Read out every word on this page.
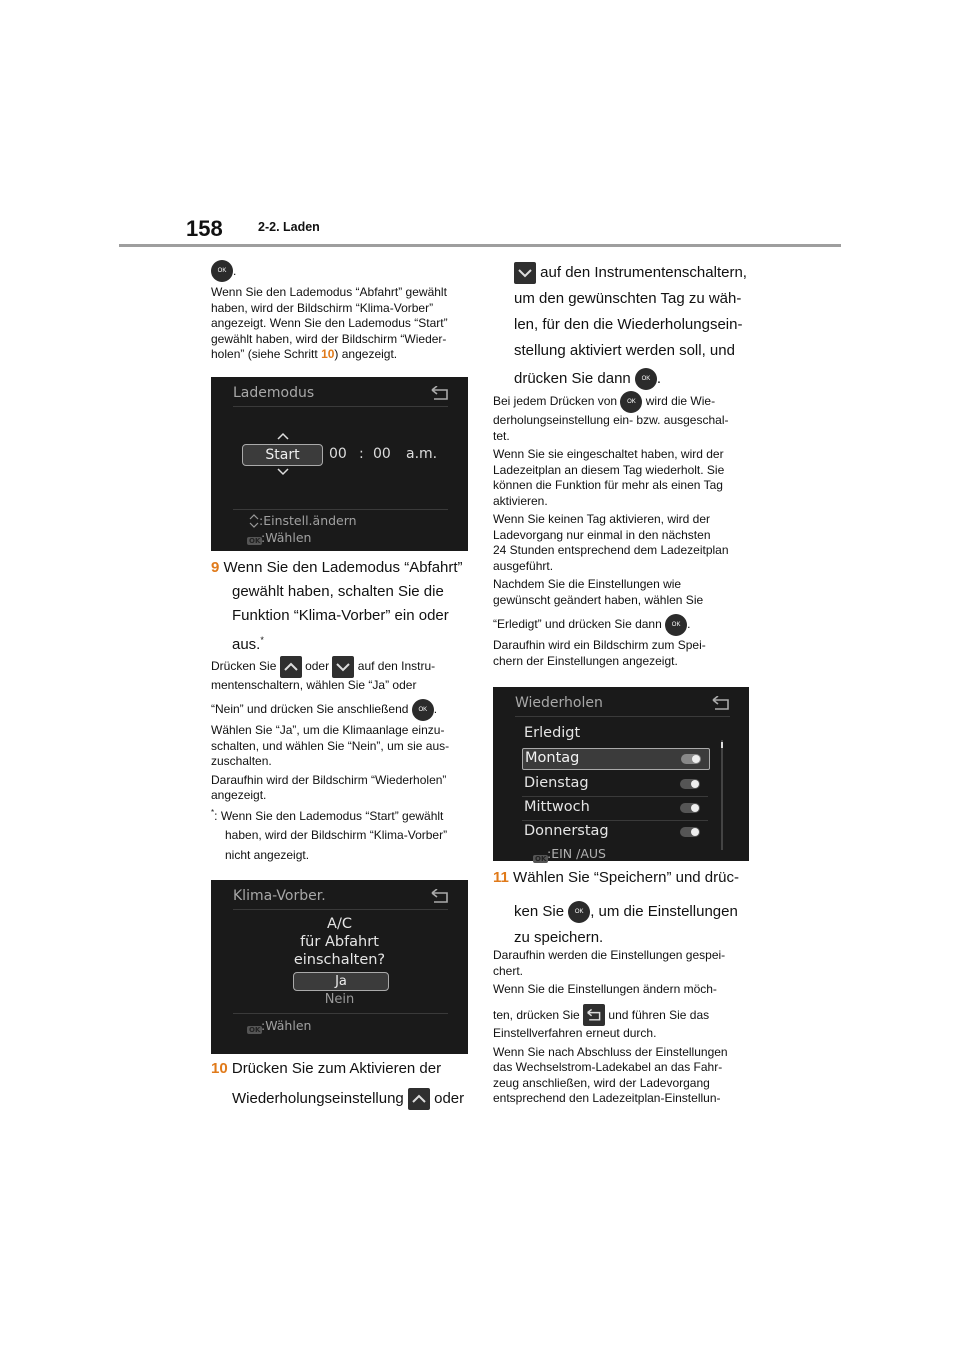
158	2-2. Laden
OK .
Wenn Sie den Lademodus “Abfahrt” gewählt
haben, wird der Bildschirm “Klima-Vorber”
angezeigt. Wenn Sie den Lademodus “Start”
gewählt haben, wird der Bildschirm “Wieder-
holen” (siehe Schritt 10) angezeigt.
Lademodus
Start	00 : 00 a.m.
:Einstell.ändern
OK :Wählen
9 Wenn Sie den Lademodus “Abfahrt”
gewählt haben, schalten Sie die
Funktion “Klima-Vorber” ein oder
aus.*
Drücken Sie oder auf den Instru-
mentenschaltern, wählen Sie “Ja” oder
“Nein” und drücken Sie anschließend OK .
Wählen Sie “Ja”, um die Klimaanlage einzu-
schalten, und wählen Sie “Nein”, um sie aus-
zuschalten.
Daraufhin wird der Bildschirm “Wiederholen”
angezeigt.
*: Wenn Sie den Lademodus “Start” gewählt
haben, wird der Bildschirm “Klima-Vorber”
nicht angezeigt.
Klima-Vorber.
A/C
für Abfahrt
einschalten?
Ja
Nein
OK :Wählen
10 Drücken Sie zum Aktivieren der
Wiederholungseinstellung oder
auf den Instrumentenschaltern,
um den gewünschten Tag zu wäh-
len, für den die Wiederholungsein-
stellung aktiviert werden soll, und
drücken Sie dann OK .
Bei jedem Drücken von OK wird die Wie-
derholungseinstellung ein- bzw. ausgeschal-
tet.
Wenn Sie sie eingeschaltet haben, wird der
Ladezeitplan an diesem Tag wiederholt. Sie
können die Funktion für mehr als einen Tag
aktivieren.
Wenn Sie keinen Tag aktivieren, wird der
Ladevorgang nur einmal in den nächsten
24 Stunden entsprechend dem Ladezeitplan
ausgeführt.
Nachdem Sie die Einstellungen wie
gewünscht geändert haben, wählen Sie
“Erledigt” und drücken Sie dann OK .
Daraufhin wird ein Bildschirm zum Spei-
chern der Einstellungen angezeigt.
Wiederholen
Erledigt
Montag
Dienstag
Mittwoch
Donnerstag
OK :EIN /AUS
11 Wählen Sie “Speichern” und drüc-
ken Sie OK , um die Einstellungen
zu speichern.
Daraufhin werden die Einstellungen gespei-
chert.
Wenn Sie die Einstellungen ändern möch-
ten, drücken Sie und führen Sie das
Einstellverfahren erneut durch.
Wenn Sie nach Abschluss der Einstellungen
das Wechselstrom-Ladekabel an das Fahr-
zeug anschließen, wird der Ladevorgang
entsprechend den Ladezeitplan-Einstellun-
